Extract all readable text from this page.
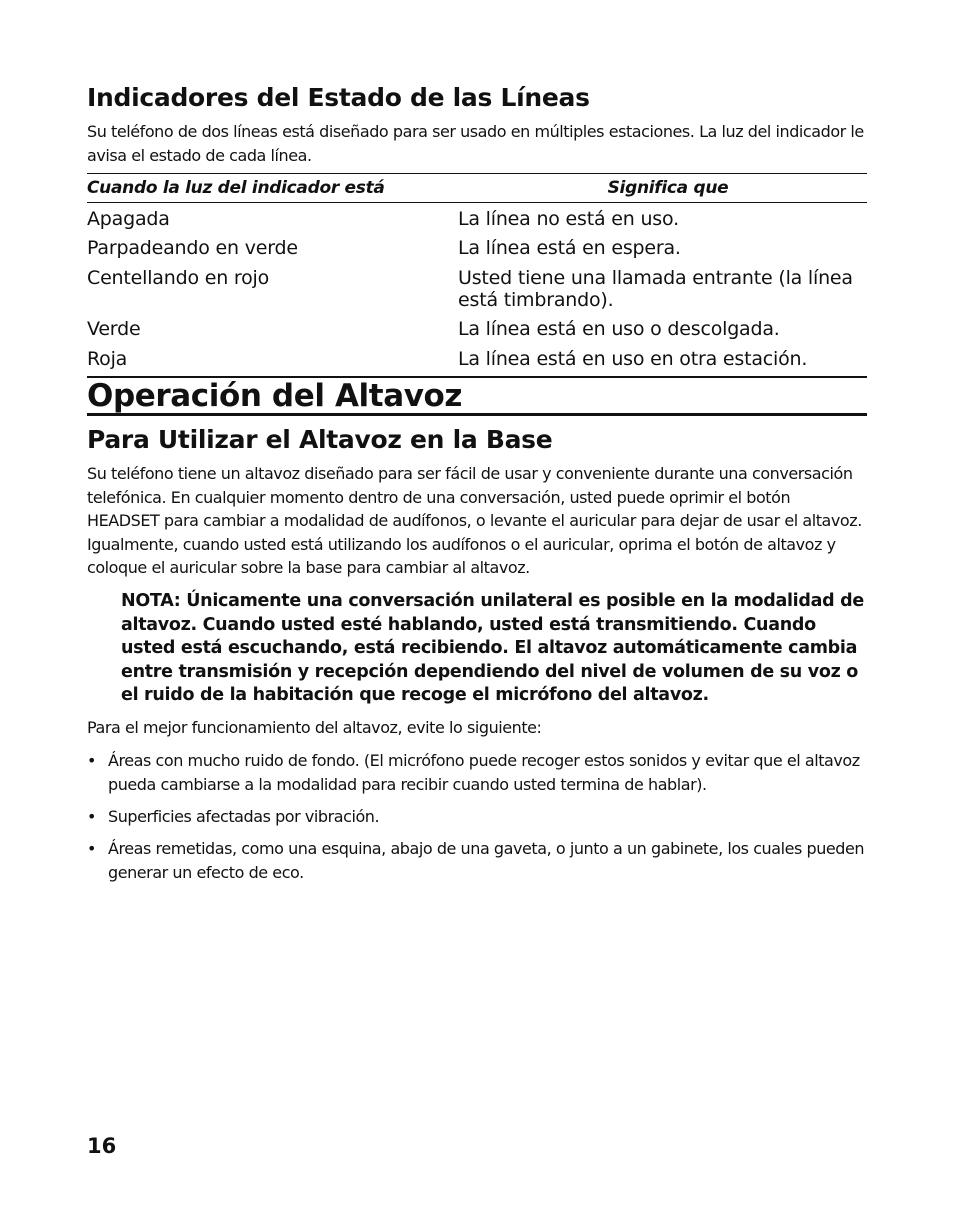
Indicadores del Estado de las Líneas

Su teléfono de dos líneas está diseñado para ser usado en múltiples estaciones. La luz del indicador le avisa el estado de cada línea.

Cuando la luz del indicador está	Significa que
Apagada	La línea no está en uso.
Parpadeando en verde	La línea está en espera.
Centellando en rojo	Usted tiene una llamada entrante (la línea está timbrando).
Verde	La línea está en uso o descolgada.
Roja	La línea está en uso en otra estación.
Operación del Altavoz
Para Utilizar el Altavoz en la Base

Su teléfono tiene un altavoz diseñado para ser fácil de usar y conveniente durante una conversación telefónica. En cualquier momento dentro de una conversación, usted puede oprimir el botón HEADSET para cambiar a modalidad de audífonos, o levante el auricular para dejar de usar el altavoz. Igualmente, cuando usted está utilizando los audífonos o el auricular, oprima el botón de altavoz y coloque el auricular sobre la base para cambiar al altavoz.

NOTA: Únicamente una conversación unilateral es posible en la modalidad de altavoz. Cuando usted esté hablando, usted está transmitiendo. Cuando usted está escuchando, está recibiendo. El altavoz automáticamente cambia entre transmisión y recepción dependiendo del nivel de volumen de su voz o el ruido de la habitación que recoge el micrófono del altavoz.

Para el mejor funcionamiento del altavoz, evite lo siguiente:

• Áreas con mucho ruido de fondo. (El micrófono puede recoger estos sonidos y evitar que el altavoz pueda cambiarse a la modalidad para recibir cuando usted termina de hablar).
• Superficies afectadas por vibración.
• Áreas remetidas, como una esquina, abajo de una gaveta, o junto a un gabinete, los cuales pueden generar un efecto de eco.
16
